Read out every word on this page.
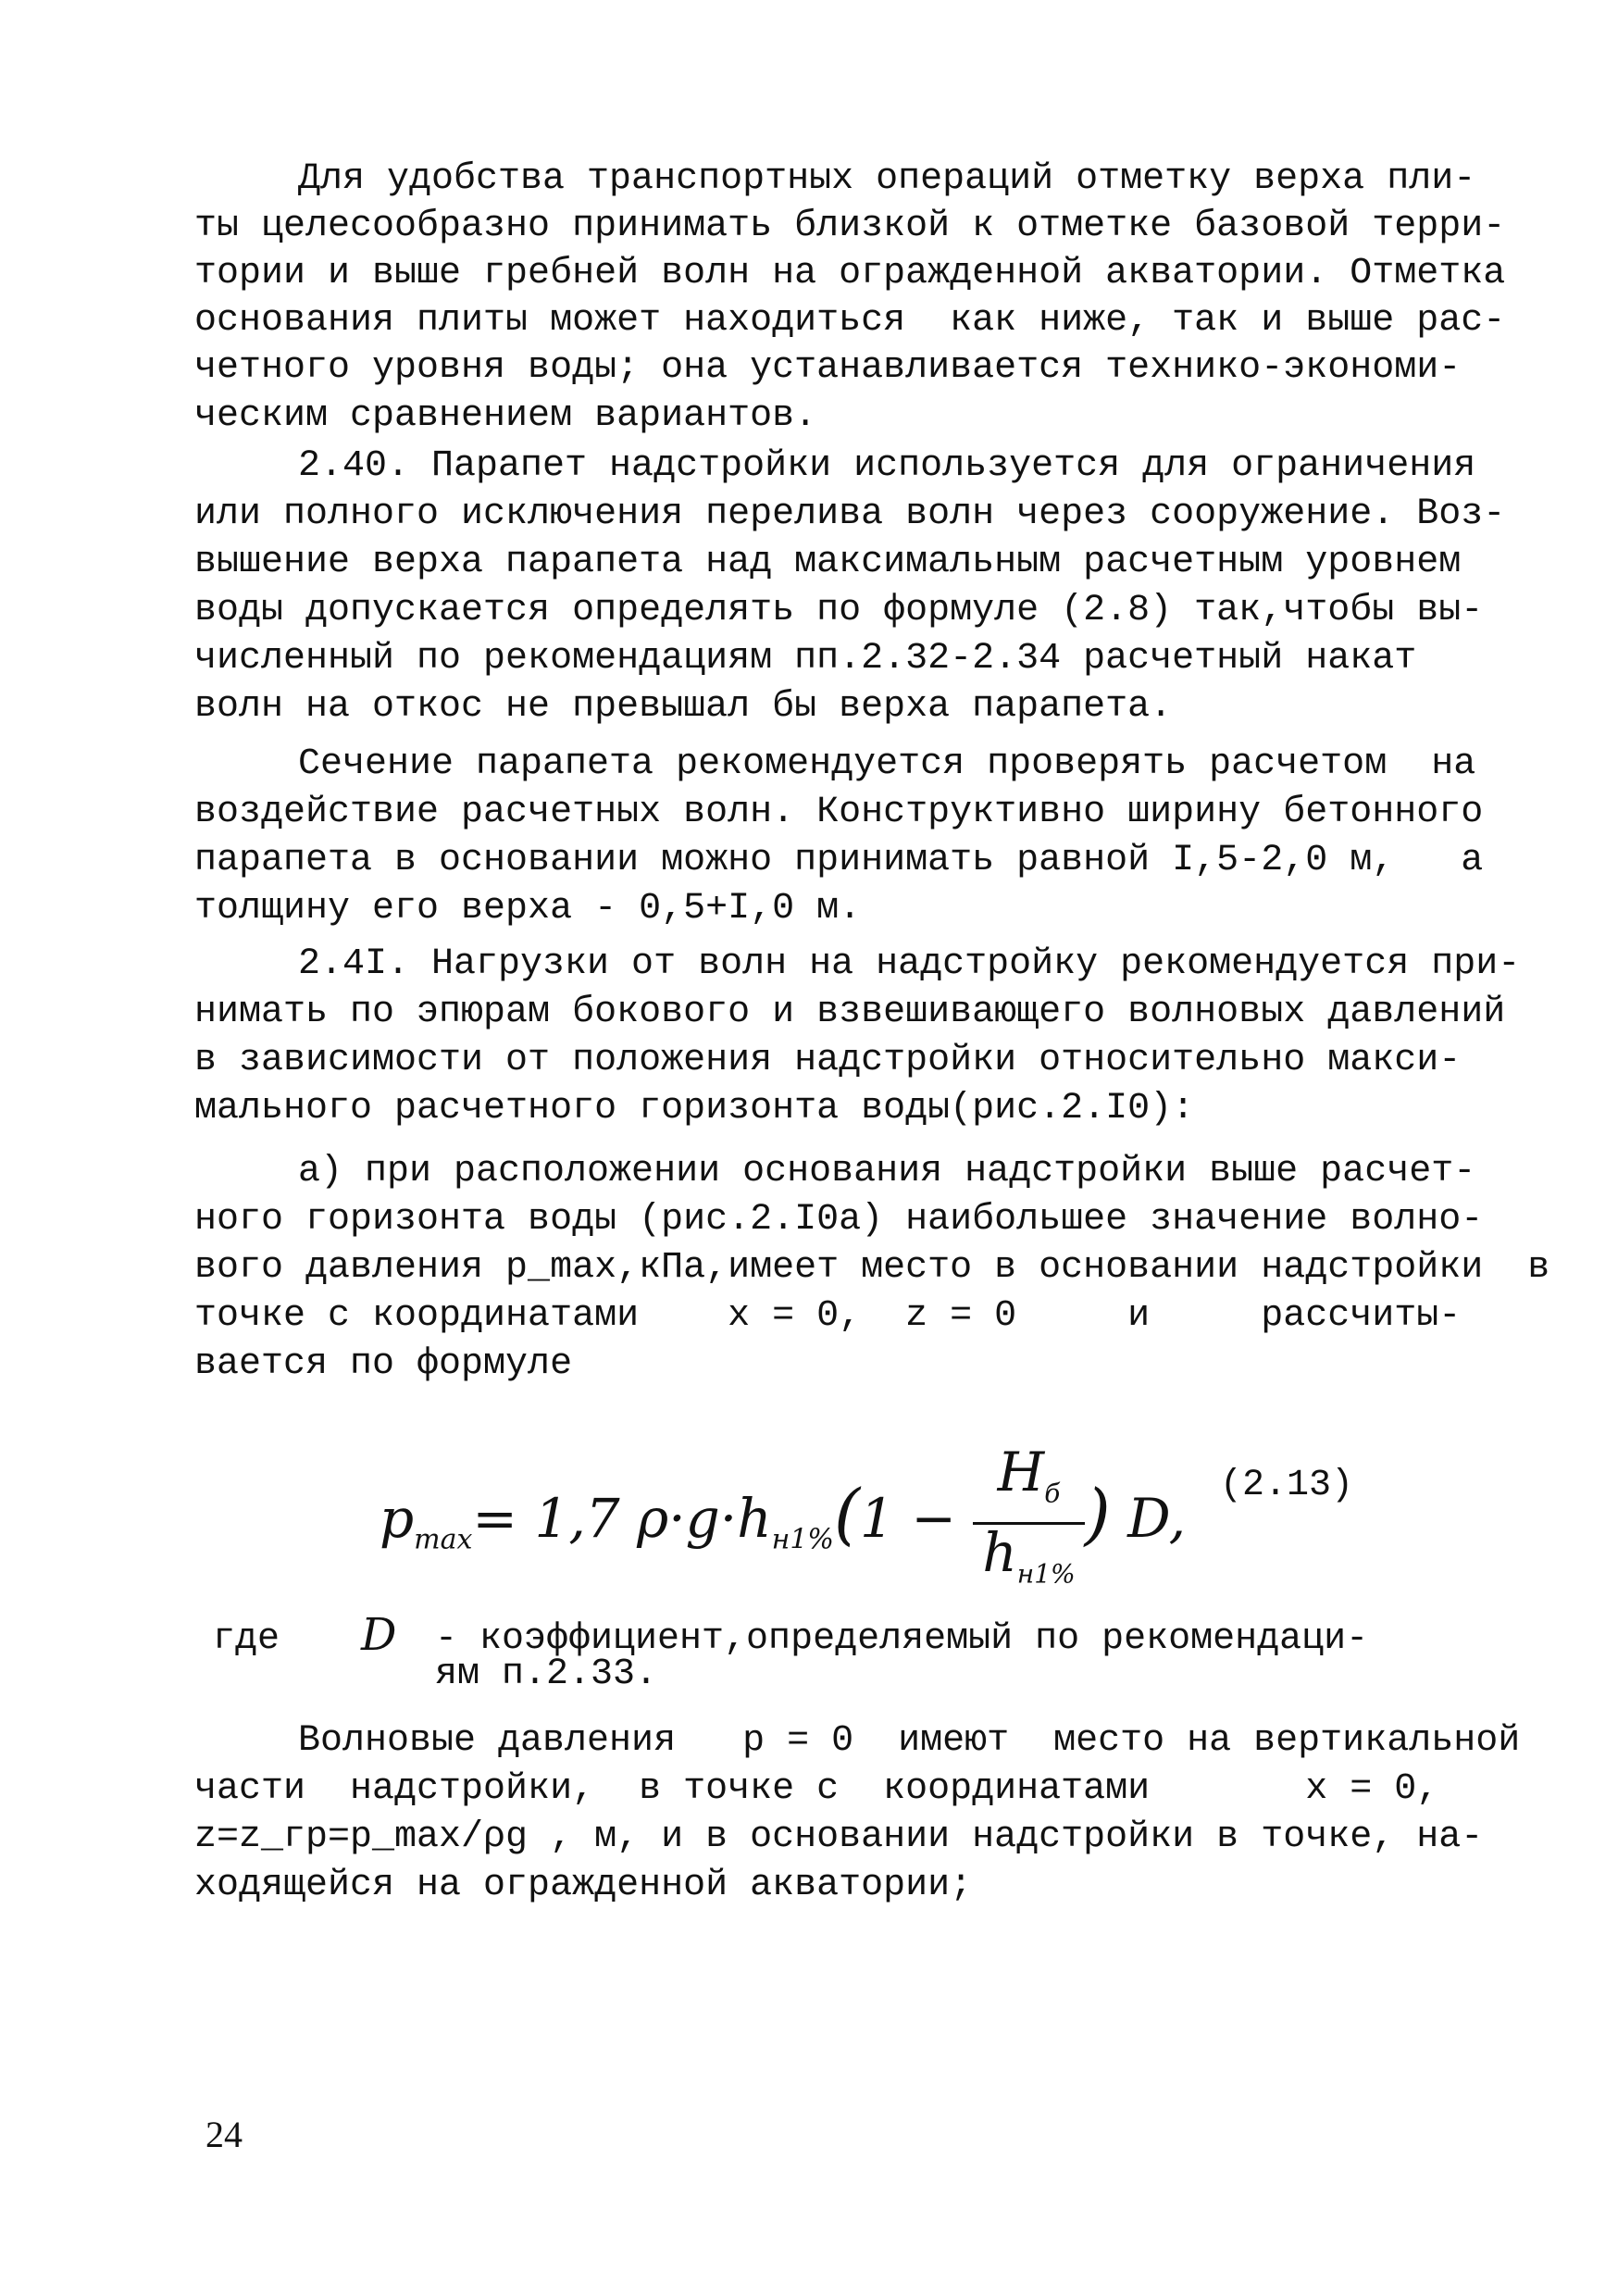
Для удобства транспортных операций отметку верха пли-
ты целесообразно принимать близкой к отметке базовой терри-
тории и выше гребней волн на огражденной акватории. Отметка
основания плиты может находиться  как ниже, так и выше рас-
четного уровня воды; она устанавливается технико-экономи-
ческим сравнением вариантов.
2.40. Парапет надстройки используется для ограничения
или полного исключения перелива волн через сооружение. Воз-
вышение верха парапета над максимальным расчетным уровнем
воды допускается определять по формуле (2.8) так,чтобы вы-
численный по рекомендациям пп.2.32-2.34 расчетный накат
волн на откос не превышал бы верха парапета.
Сечение парапета рекомендуется проверять расчетом  на
воздействие расчетных волн. Конструктивно ширину бетонного
парапета в основании можно принимать равной I,5-2,0 м,   а
толщину его верха - 0,5+I,0 м.
2.4I. Нагрузки от волн на надстройку рекомендуется при-
нимать по эпюрам бокового и взвешивающего волновых давлений
в зависимости от положения надстройки относительно макси-
мального расчетного горизонта воды(рис.2.I0):
а) при расположении основания надстройки выше расчет-
ного горизонта воды (рис.2.I0а) наибольшее значение волно-
вого давления p_max,кПа,имеет место в основании надстройки  в
точке с координатами    x = 0,  z = 0     и     рассчиты-
вается по формуле
$p_{max}= 1,7$ $\rho\cdot g\cdot h_{н1\%}(1$ −
$H_б$
$h_{н1\%}$
) D,
(2.13)
где D - коэффициент,определяемый по рекомендаци-
ям п.2.33.
Волновые давления   p = 0  имеют  место на вертикальной
части  надстройки,  в точке с  координатами       x = 0,
z=z_гр=p_max/ρg , м, и в основании надстройки в точке, на-
ходящейся на огражденной акватории;
24
